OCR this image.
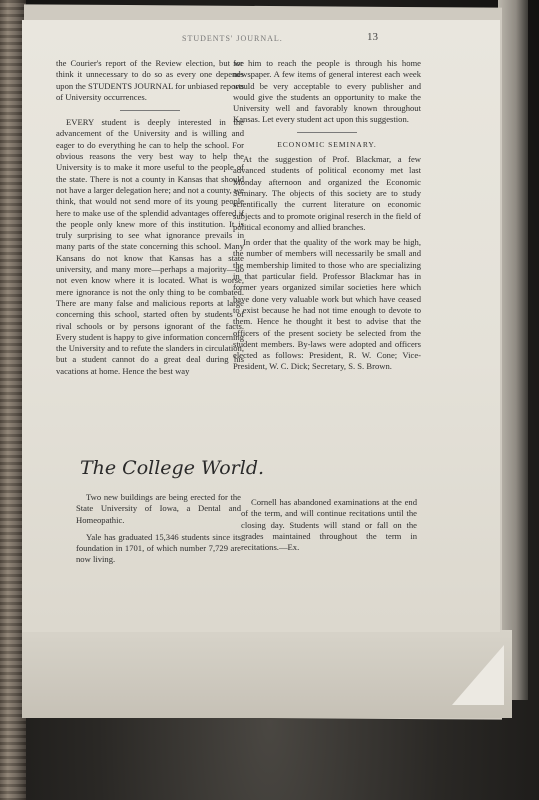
STUDENTS' JOURNAL.	13

the Courier's report of the Review election, but we think it unnecessary to do so as every one depends upon the STUDENTS JOURNAL for unbiased reports of University occurrences.

EVERY student is deeply interested in the advancement of the University and is willing and eager to do everything he can to help the school. For obvious reasons the very best way to help the University is to make it more useful to the people of the state. There is not a county in Kansas that should not have a larger delegation here; and not a county, we think, that would not send more of its young people here to make use of the splendid advantages offered if the people only knew more of this institution. It is truly surprising to see what ignorance prevails in many parts of the state concerning this school. Many Kansans do not know that Kansas has a state university, and many more—perhaps a majority—do not even know where it is located. What is worse, mere ignorance is not the only thing to be combated. There are many false and malicious reports at large concerning this school, started often by students of rival schools or by persons ignorant of the facts. Every student is happy to give information concerning the University and to refute the slanders in circulation, but a student cannot do a great deal during his vacations at home. Hence the best way

for him to reach the people is through his home newspaper. A few items of general interest each week would be very acceptable to every publisher and would give the students an opportunity to make the University well and favorably known throughout Kansas. Let every student act upon this suggestion.

ECONOMIC SEMINARY.

At the suggestion of Prof. Blackmar, a few advanced students of political economy met last Monday afternoon and organized the Economic Seminary. The objects of this society are to study scientifically the current literature on economic subjects and to promote original reserch in the field of political economy and allied branches.

In order that the quality of the work may be high, the number of members will necessarily be small and the membership limited to those who are specializing in that particular field. Professor Blackmar has in former years organized similar societies here which have done very valuable work but which have ceased to exist because he had not time enough to devote to them. Hence he thought it best to advise that the officers of the present society be selected from the student members. By-laws were adopted and officers elected as follows: President, R. W. Cone; Vice-President, W. C. Dick; Secretary, S. S. Brown.

The College World.

Two new buildings are being erected for the State University of Iowa, a Dental and Homeopathic.

Yale has graduated 15,346 students since its foundation in 1701, of which number 7,729 are now living.

Cornell has abandoned examinations at the end of the term, and will continue recitations until the closing day. Students will stand or fall on the grades maintained throughout the term in recitations.—Ex.
